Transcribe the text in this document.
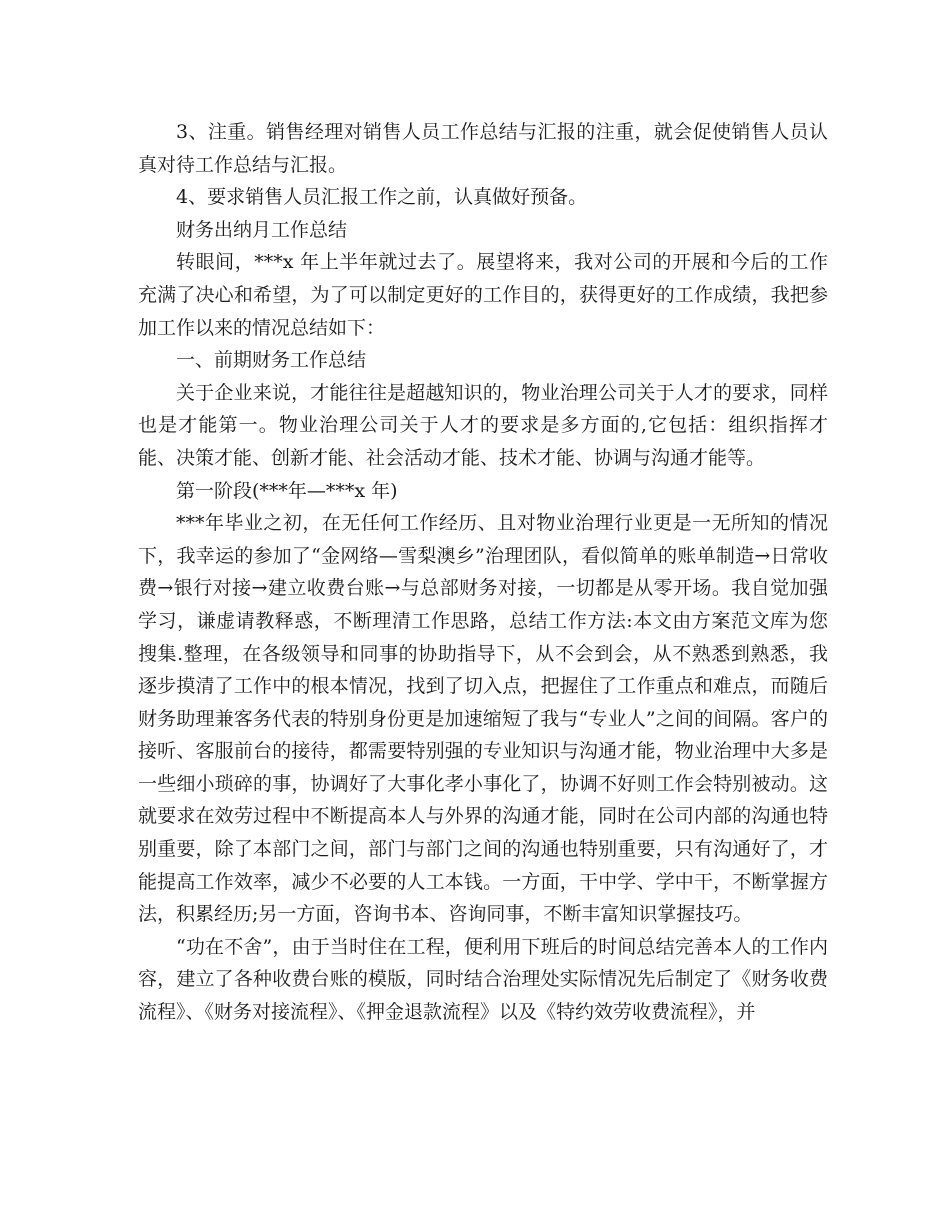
3、注重。销售经理对销售人员工作总结与汇报的注重，就会促使销售人员认真对待工作总结与汇报。

4、要求销售人员汇报工作之前，认真做好预备。

财务出纳月工作总结

转眼间，***x 年上半年就过去了。展望将来，我对公司的开展和今后的工作充满了决心和希望，为了可以制定更好的工作目的，获得更好的工作成绩，我把参加工作以来的情况总结如下：

一、前期财务工作总结

关于企业来说，才能往往是超越知识的，物业治理公司关于人才的要求，同样也是才能第一。物业治理公司关于人才的要求是多方面的,它包括：组织指挥才能、决策才能、创新才能、社会活动才能、技术才能、协调与沟通才能等。

第一阶段(***年—***x 年)

***年毕业之初，在无任何工作经历、且对物业治理行业更是一无所知的情况下，我幸运的参加了“金网络—雪梨澳乡”治理团队，看似简单的账单制造→日常收费→银行对接→建立收费台账→与总部财务对接，一切都是从零开场。我自觉加强学习，谦虚请教释惑，不断理清工作思路，总结工作方法:本文由方案范文库为您搜集.整理，在各级领导和同事的协助指导下，从不会到会，从不熟悉到熟悉，我逐步摸清了工作中的根本情况，找到了切入点，把握住了工作重点和难点，而随后财务助理兼客务代表的特别身份更是加速缩短了我与“专业人”之间的间隔。客户的接听、客服前台的接待，都需要特别强的专业知识与沟通才能，物业治理中大多是一些细小琐碎的事，协调好了大事化孝小事化了，协调不好则工作会特别被动。这就要求在效劳过程中不断提高本人与外界的沟通才能，同时在公司内部的沟通也特别重要，除了本部门之间，部门与部门之间的沟通也特别重要，只有沟通好了，才能提高工作效率，减少不必要的人工本钱。一方面，干中学、学中干，不断掌握方法，积累经历;另一方面，咨询书本、咨询同事，不断丰富知识掌握技巧。

“功在不舍”，由于当时住在工程，便利用下班后的时间总结完善本人的工作内容，建立了各种收费台账的模版，同时结合治理处实际情况先后制定了《财务收费流程》、《财务对接流程》、《押金退款流程》以及《特约效劳收费流程》，并
